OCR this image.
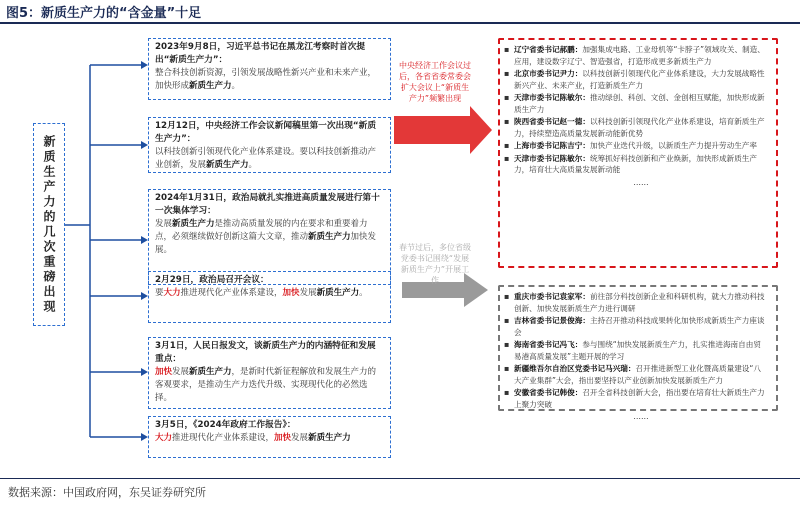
图5：新质生产力的“含金量”十足
新质生产力的几次重磅出现
2023年9月8日，习近平总书记在黑龙江考察时首次提出“新质生产力”：
整合科技创新资源，引领发展战略性新兴产业和未来产业，加快形成新质生产力。
12月12日，中央经济工作会议新闻稿里第一次出现“新质生产力”：
以科技创新引领现代化产业体系建设。要以科技创新推动产业创新，发展新质生产力。
2024年1月31日，政治局就扎实推进高质量发展进行第十一次集体学习：
发展新质生产力是推动高质量发展的内在要求和重要着力点，必须继续做好创新这篇大文章，推动新质生产力加快发展。
2月29日，政治局召开会议：
要大力推进现代化产业体系建设，加快发展新质生产力。
3月1日，人民日报发文，谈新质生产力的内涵特征和发展重点：
加快发展新质生产力，是新时代新征程解放和发展生产力的客观要求，是推动生产力迭代升级、实现现代化的必然选择。
3月5日，《2024年政府工作报告》：
大力推进现代化产业体系建设，加快发展新质生产力
中央经济工作会议过后，各省省委常委会扩大会议上“新质生产力”频繁出现
春节过后，多位省级党委书记围绕“发展新质生产力”开展工作
▪ 辽宁省委书记郝鹏：加强集成电路、工业母机等“卡脖子”领域攻关、制造、应用，建设数字辽宁、智造强省，打造形成更多新质生产力
▪ 北京市委书记尹力：以科技创新引领现代化产业体系建设，大力发展战略性新兴产业、未来产业，打造新质生产力
▪ 天津市委书记陈敏尔：推动绿创、科创、文创、金创相互赋能，加快形成新质生产力
▪ 陕西省委书记赵一德：以科技创新引领现代化产业体系建设，培育新质生产力，持续塑造高质量发展新动能新优势
▪ 上海市委书记陈吉宁：加快产业迭代升级，以新质生产力提升劳动生产率
▪ 天津市委书记陈敏尔：统筹抓好科技创新和产业焕新，加快形成新质生产力，培育壮大高质量发展新动能
……
▪ 重庆市委书记袁家军：前往部分科技创新企业和科研机构，就大力推动科技创新、加快发展新质生产力进行调研
▪ 吉林省委书记景俊海：主持召开推动科技成果转化加快形成新质生产力座谈会
▪ 海南省委书记冯飞：参与围绕“加快发展新质生产力，扎实推进海南自由贸易港高质量发展”主题开展的学习
▪ 新疆维吾尔自治区党委书记马兴瑞：召开推进新型工业化暨高质量建设“八大产业集群”大会，指出要坚持以产业创新加快发展新质生产力
▪ 安徽省委书记韩俊：召开全省科技创新大会，指出要在培育壮大新质生产力上聚力突破
……
数据来源：中国政府网，东吴证券研究所
